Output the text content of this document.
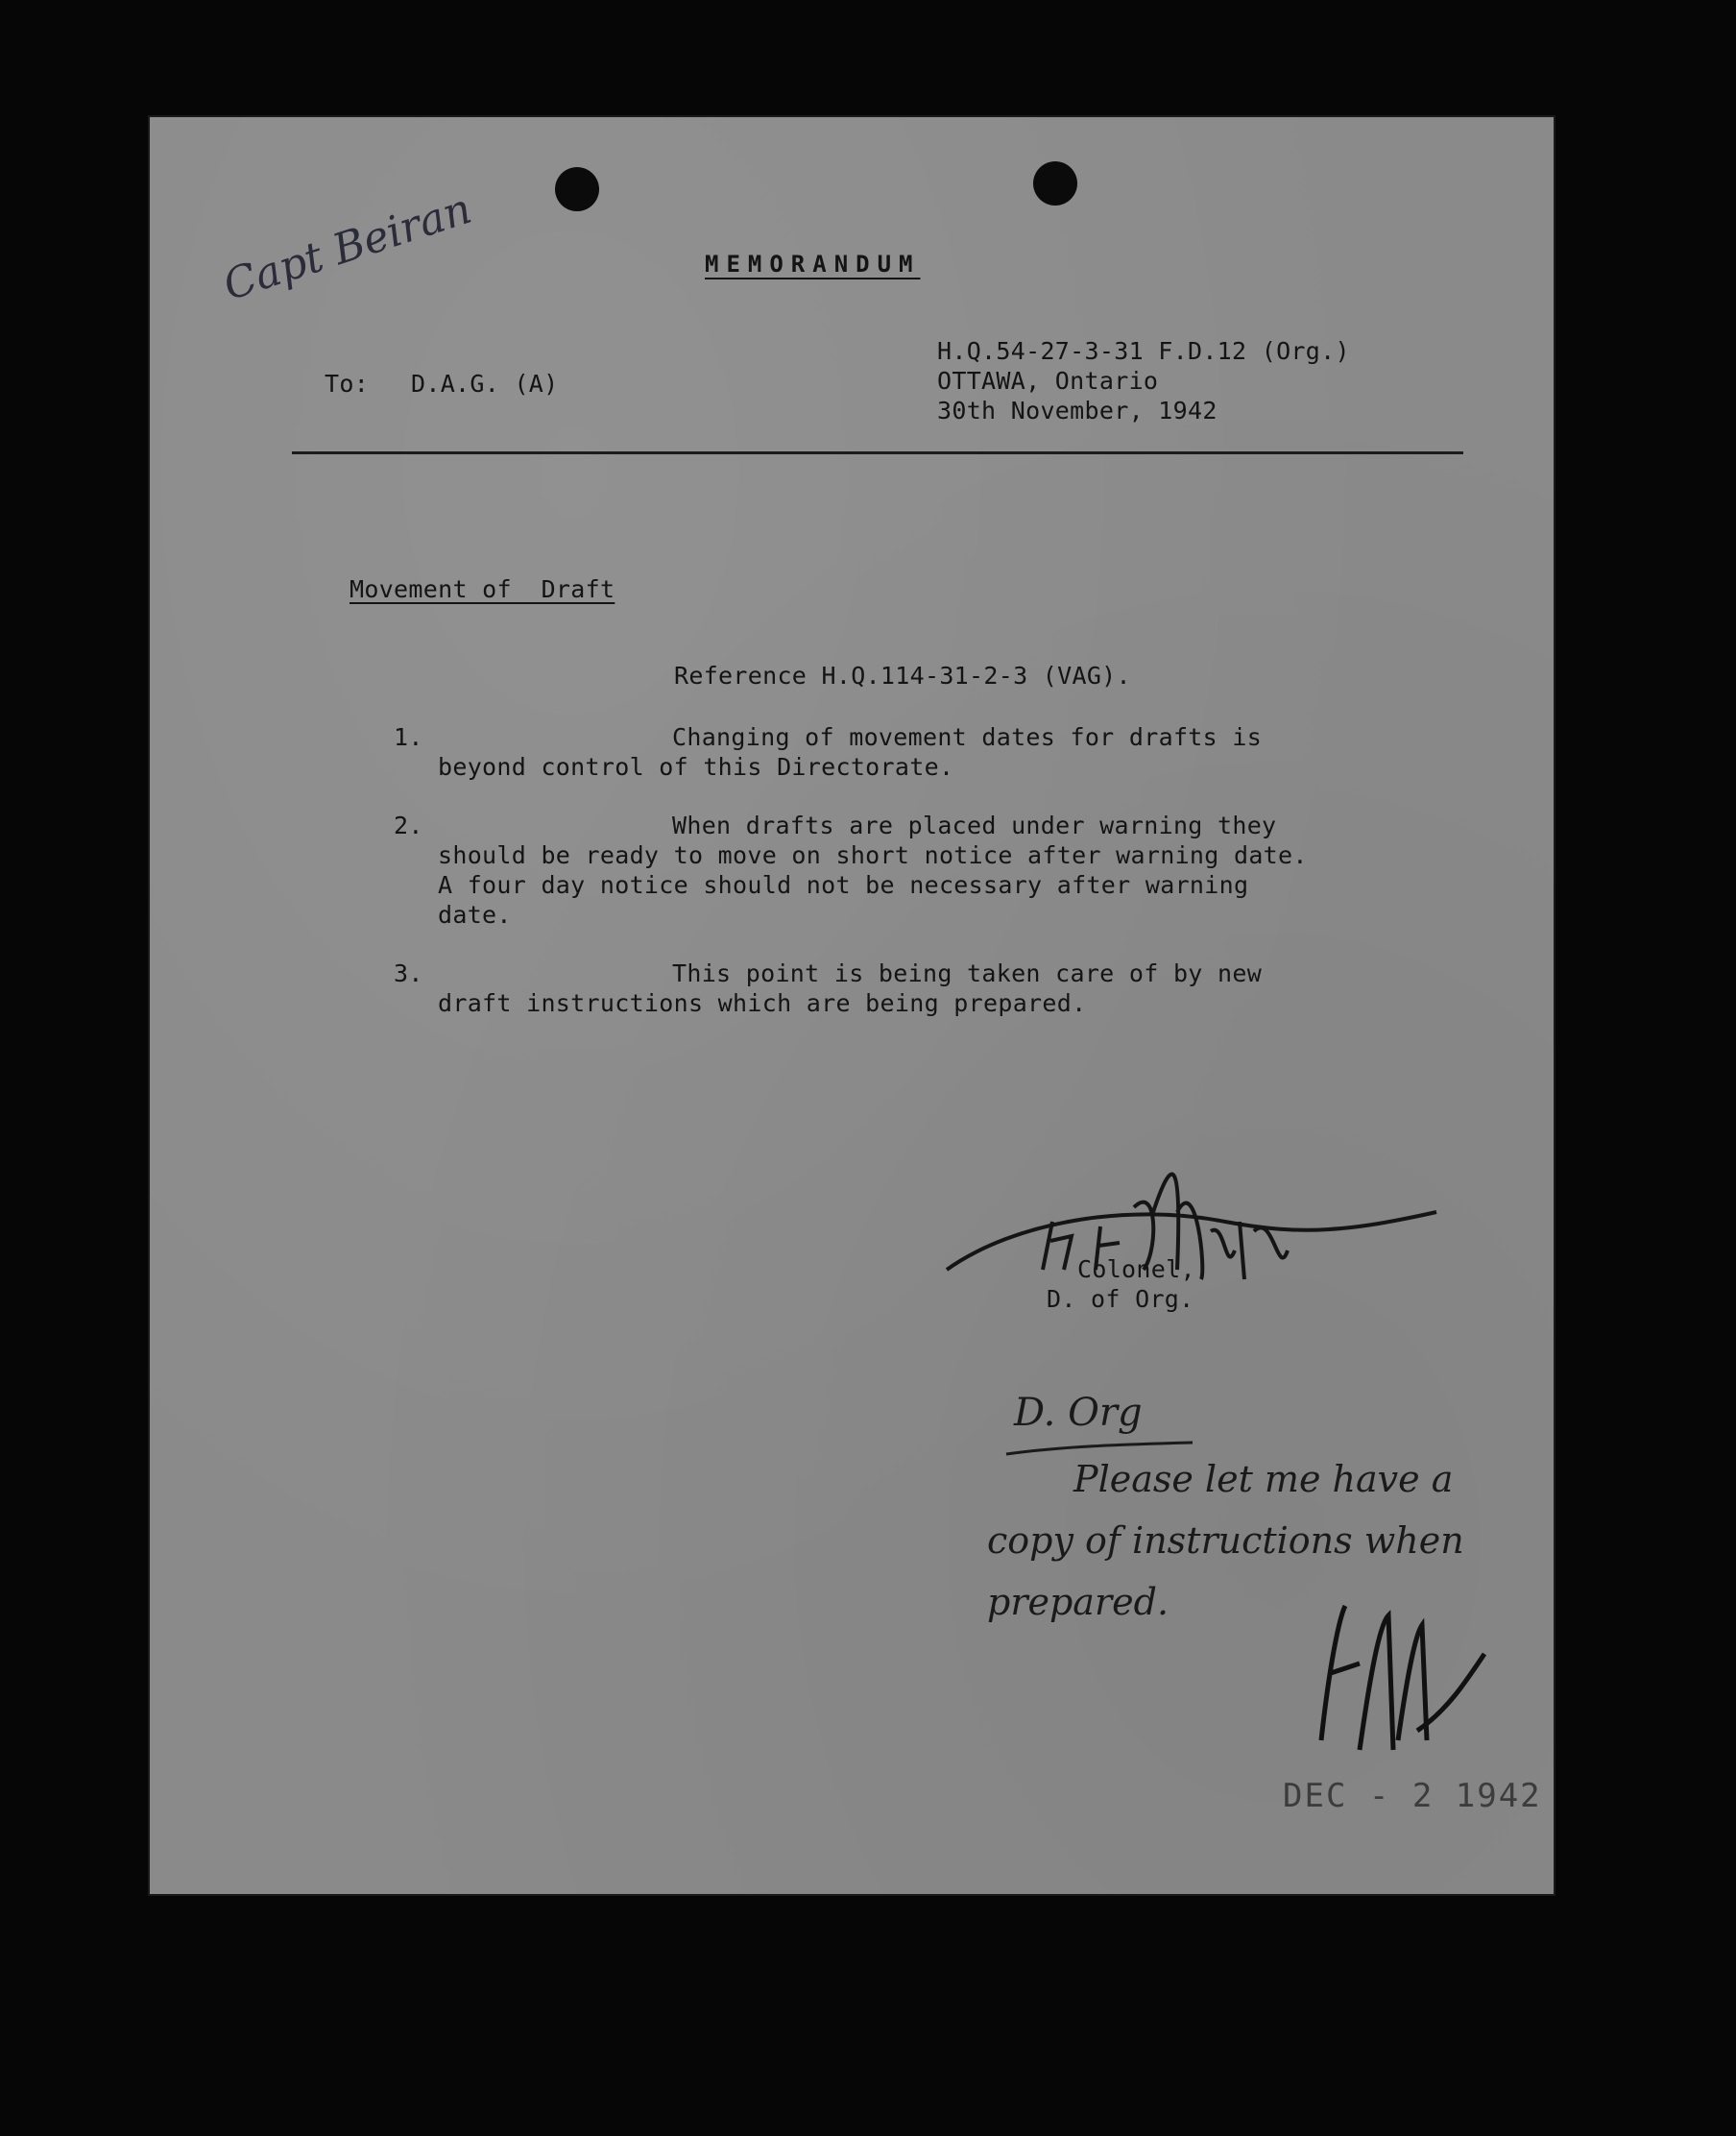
Capt Beiran	MEMORANDUM
To: D.A.G. (A)
H.Q.54-27-3-31 F.D.12 (Org.)
OTTAWA, Ontario
30th November, 1942
Movement of  Draft
Reference H.Q.114-31-2-3 (VAG).
1.	Changing of movement dates for drafts is
beyond control of this Directorate.
2.	When drafts are placed under warning they
should be ready to move on short notice after warning date.
A four day notice should not be necessary after warning
date.
3.	This point is being taken care of by new
draft instructions which are being prepared.
Colonel,
D. of Org.
D. Org
Please let me have a
copy of instructions when
prepared.
DEC - 2 1942
